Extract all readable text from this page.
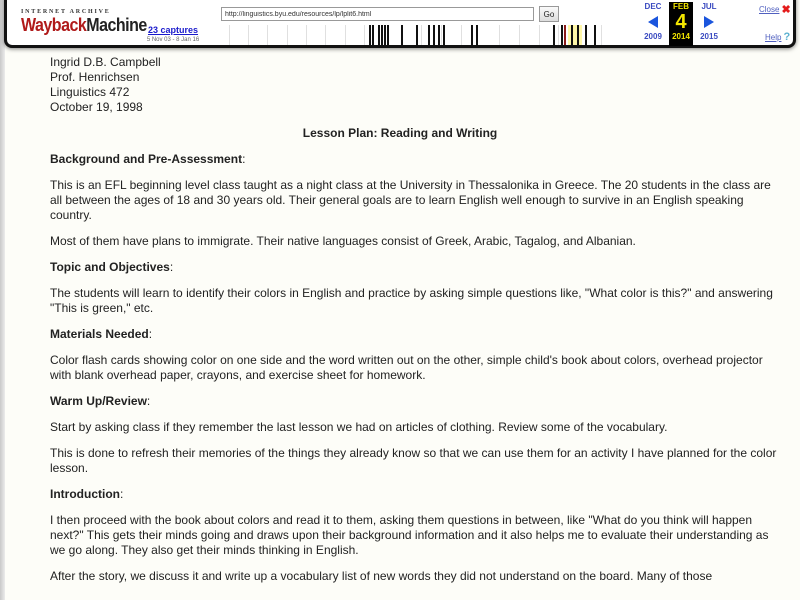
INTERNET ARCHIVE
WaybackMachine 23 captures
5 Nov 03 - 8 Jan 16
http://linguistics.byu.edu/resources/lp/lplit6.html
Go
DEC
2009
FEB
4
2014
JUL
2015
Close ✖
Help ?

Ingrid D.B. Campbell

Prof. Henrichsen

Linguistics 472

October 19, 1998

Lesson Plan: Reading and Writing
Background and Pre-Assessment:
This is an EFL beginning level class taught as a night class at the University in Thessalonika in Greece. The 20 students in the class are all between the ages of 18 and 30 years old. Their general goals are to learn English well enough to survive in an English speaking country.
Most of them have plans to immigrate. Their native languages consist of Greek, Arabic, Tagalog, and Albanian.
Topic and Objectives:
The students will learn to identify their colors in English and practice by asking simple questions like, "What color is this?" and answering "This is green," etc.
Materials Needed:
Color flash cards showing color on one side and the word written out on the other, simple child's book about colors, overhead projector with blank overhead paper, crayons, and exercise sheet for homework.
Warm Up/Review:
Start by asking class if they remember the last lesson we had on articles of clothing. Review some of the vocabulary.
This is done to refresh their memories of the things they already know so that we can use them for an activity I have planned for the color lesson.
Introduction:
I then proceed with the book about colors and read it to them, asking them questions in between, like "What do you think will happen next?" This gets their minds going and draws upon their background information and it also helps me to evaluate their understanding as we go along. They also get their minds thinking in English.
After the story, we discuss it and write up a vocabulary list of new words they did not understand on the board. Many of those
